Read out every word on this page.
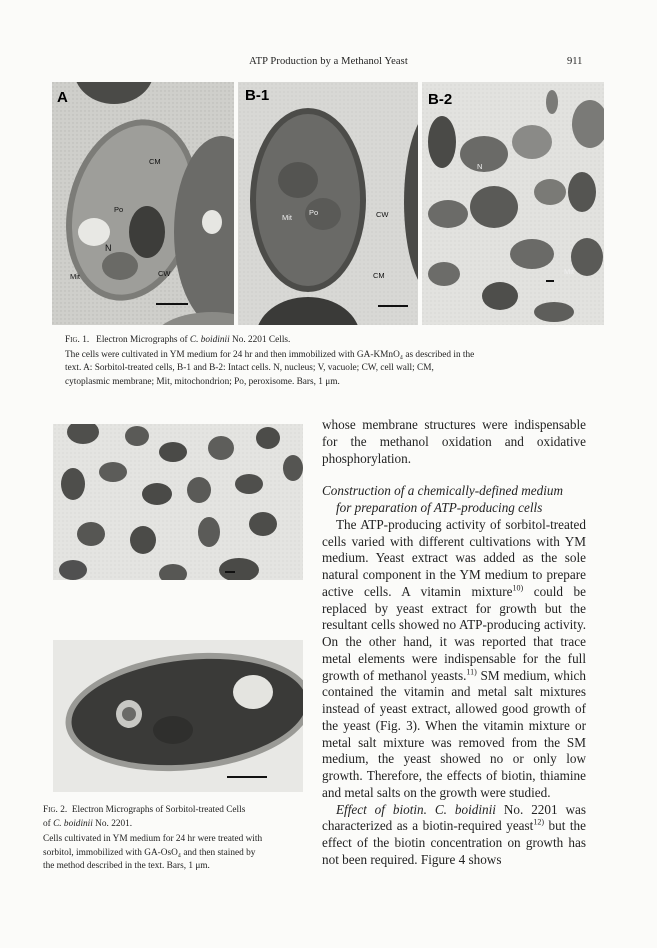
ATP Production by a Methanol Yeast	911
A
CM
Po
N
Mit	CW
B-1
Mit
Po	CW
CM
B-2
N
Mit
Fig. 1. Electron Micrographs of C. boidinii No. 2201 Cells.
The cells were cultivated in YM medium for 24 hr and then immobilized with GA-KMnO₄ as described in the
text. A: Sorbitol-treated cells, B-1 and B-2: Intact cells. N, nucleus; V, vacuole; CW, cell wall; CM,
cytoplasmic membrane; Mit, mitochondrion; Po, peroxisome. Bars, 1 μm.
Fig. 2. Electron Micrographs of Sorbitol-treated Cells
of C. boidinii No. 2201.
Cells cultivated in YM medium for 24 hr were treated with
sorbitol, immobilized with GA-OsO₄ and then stained by
the method described in the text. Bars, 1 μm.

whose membrane structures were indispensable for the methanol oxidation and oxidative phosphorylation.

Construction of a chemically-defined medium

for preparation of ATP-producing cells

The ATP-producing activity of sorbitol-treated cells varied with different cultivations with YM medium. Yeast extract was added as the sole natural component in the YM medium to prepare active cells. A vitamin mixture$^{10)}$ could be replaced by yeast extract for growth but the resultant cells showed no ATP-producing activity. On the other hand, it was reported that trace metal elements were indispensable for the full growth of methanol yeasts.$^{11)}$ SM medium, which contained the vitamin and metal salt mixtures instead of yeast extract, allowed good growth of the yeast (Fig. 3). When the vitamin mixture or metal salt mixture was removed from the SM medium, the yeast showed no or only low growth. Therefore, the effects of biotin, thiamine and metal salts on the growth were studied.

Effect of biotin. C. boidinii No. 2201 was characterized as a biotin-required yeast$^{12)}$ but the effect of the biotin concentration on growth has not been required. Figure 4 shows
